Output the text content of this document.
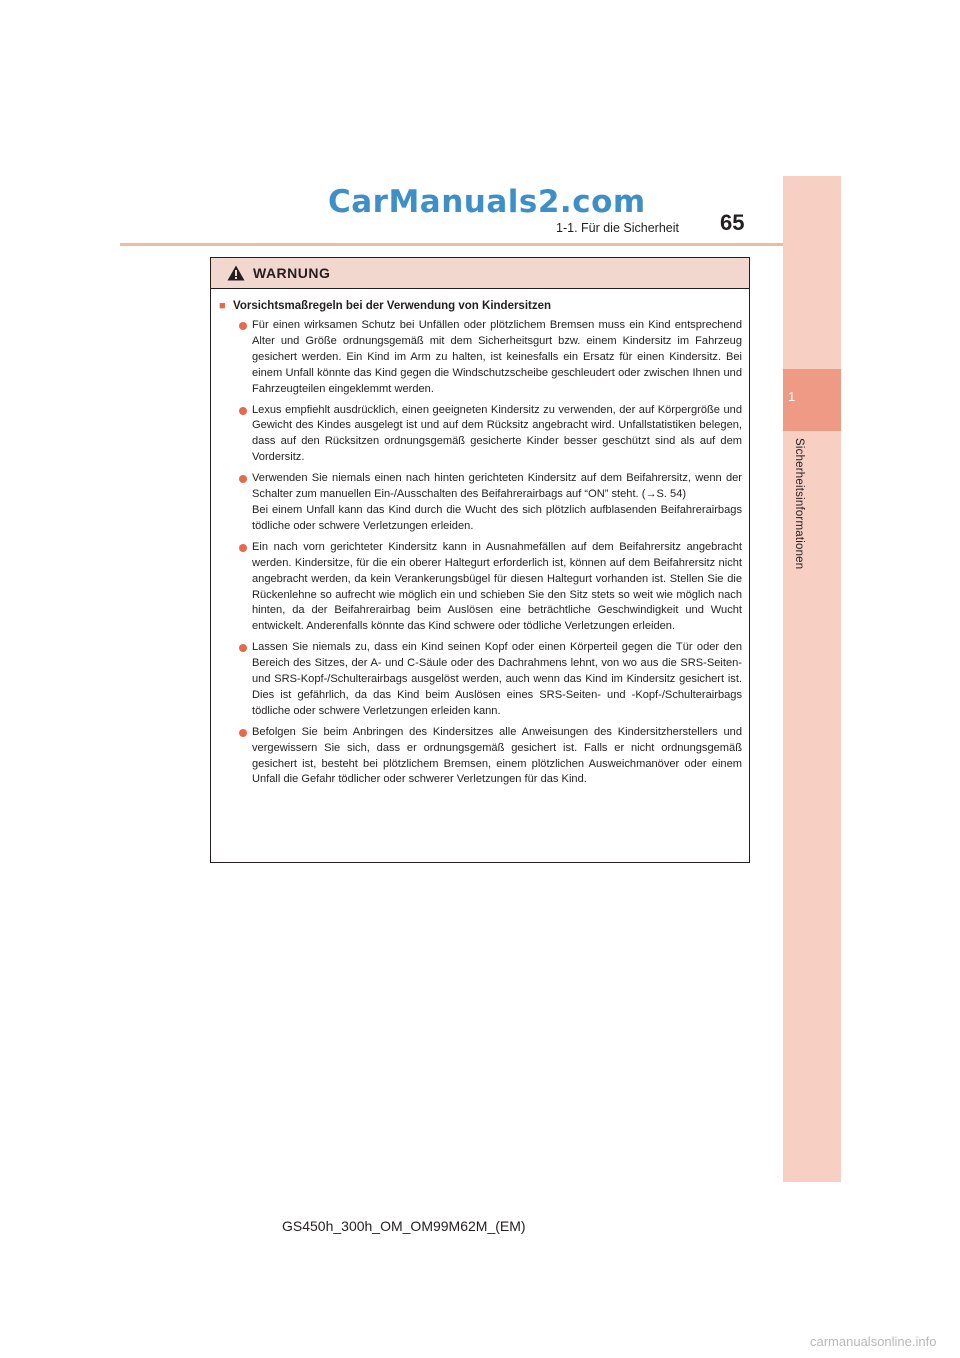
CarManuals2.com
1
Sicherheitsinformationen
1-1. Für die Sicherheit 65
WARNUNG
■ Vorsichtsmaßregeln bei der Verwendung von Kindersitzen
Für einen wirksamen Schutz bei Unfällen oder plötzlichem Bremsen muss ein Kind entsprechend Alter und Größe ordnungsgemäß mit dem Sicherheitsgurt bzw. einem Kindersitz im Fahrzeug gesichert werden. Ein Kind im Arm zu halten, ist keinesfalls ein Ersatz für einen Kindersitz. Bei einem Unfall könnte das Kind gegen die Windschutzscheibe geschleudert oder zwischen Ihnen und Fahrzeugteilen eingeklemmt werden.
Lexus empfiehlt ausdrücklich, einen geeigneten Kindersitz zu verwenden, der auf Körpergröße und Gewicht des Kindes ausgelegt ist und auf dem Rücksitz angebracht wird. Unfallstatistiken belegen, dass auf den Rücksitzen ordnungsgemäß gesicherte Kinder besser geschützt sind als auf dem Vordersitz.
Verwenden Sie niemals einen nach hinten gerichteten Kindersitz auf dem Beifahrersitz, wenn der Schalter zum manuellen Ein-/Ausschalten des Beifahrerairbags auf “ON” steht. (→S. 54)
Bei einem Unfall kann das Kind durch die Wucht des sich plötzlich aufblasenden Beifahrerairbags tödliche oder schwere Verletzungen erleiden.
Ein nach vorn gerichteter Kindersitz kann in Ausnahmefällen auf dem Beifahrersitz angebracht werden. Kindersitze, für die ein oberer Haltegurt erforderlich ist, können auf dem Beifahrersitz nicht angebracht werden, da kein Verankerungsbügel für diesen Haltegurt vorhanden ist. Stellen Sie die Rückenlehne so aufrecht wie möglich ein und schieben Sie den Sitz stets so weit wie möglich nach hinten, da der Beifahrerairbag beim Auslösen eine beträchtliche Geschwindigkeit und Wucht entwickelt. Anderenfalls könnte das Kind schwere oder tödliche Verletzungen erleiden.
Lassen Sie niemals zu, dass ein Kind seinen Kopf oder einen Körperteil gegen die Tür oder den Bereich des Sitzes, der A- und C-Säule oder des Dachrahmens lehnt, von wo aus die SRS-Seiten- und SRS-Kopf-/Schulterairbags ausgelöst werden, auch wenn das Kind im Kindersitz gesichert ist. Dies ist gefährlich, da das Kind beim Auslösen eines SRS-Seiten- und -Kopf-/Schulterairbags tödliche oder schwere Verletzungen erleiden kann.
Befolgen Sie beim Anbringen des Kindersitzes alle Anweisungen des Kindersitzherstellers und vergewissern Sie sich, dass er ordnungsgemäß gesichert ist. Falls er nicht ordnungsgemäß gesichert ist, besteht bei plötzlichem Bremsen, einem plötzlichen Ausweichmanöver oder einem Unfall die Gefahr tödlicher oder schwerer Verletzungen für das Kind.
GS450h_300h_OM_OM99M62M_(EM)
carmanualsonline.info
